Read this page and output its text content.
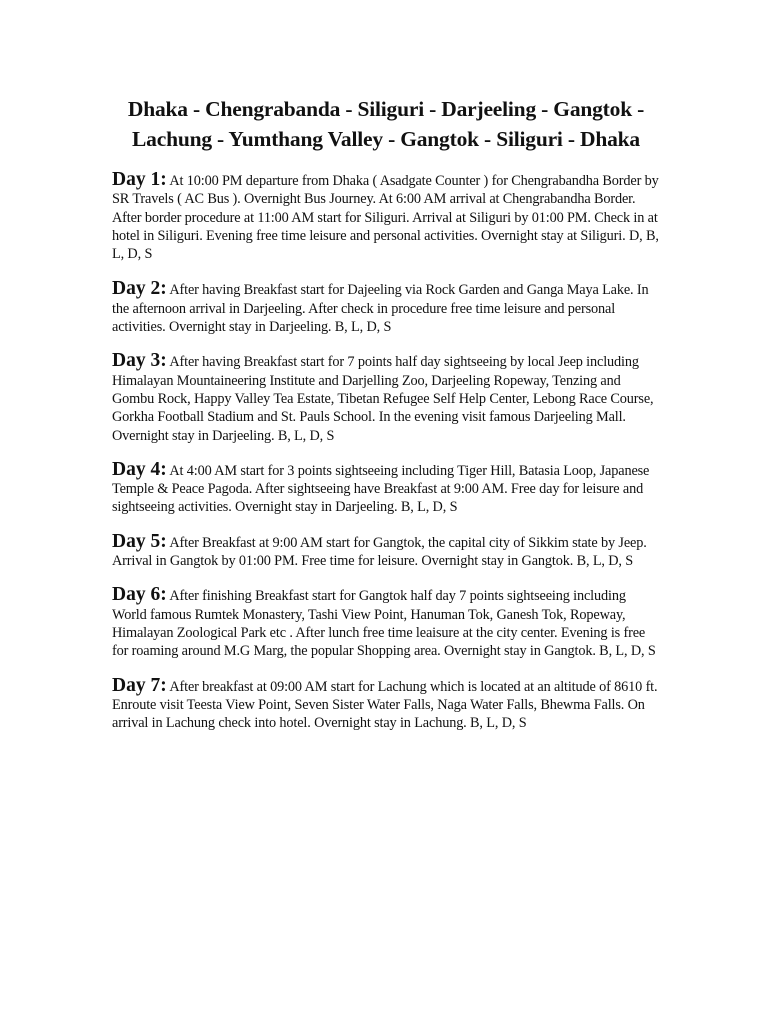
Dhaka - Chengrabanda - Siliguri - Darjeeling - Gangtok - Lachung - Yumthang Valley - Gangtok - Siliguri - Dhaka

Day 1: At 10:00 PM departure from Dhaka ( Asadgate Counter ) for Chengrabandha Border by SR Travels ( AC Bus ). Overnight Bus Journey. At 6:00 AM arrival at Chengrabandha Border. After border procedure at 11:00 AM start for Siliguri. Arrival at Siliguri by 01:00 PM. Check in at hotel in Siliguri. Evening free time leisure and personal activities. Overnight stay at Siliguri. D, B, L, D, S

Day 2: After having Breakfast start for Dajeeling via Rock Garden and Ganga Maya Lake. In the afternoon arrival in Darjeeling. After check in procedure free time leisure and personal activities. Overnight stay in Darjeeling. B, L, D, S

Day 3: After having Breakfast start for 7 points half day sightseeing by local Jeep including Himalayan Mountaineering Institute and Darjelling Zoo, Darjeeling Ropeway, Tenzing and Gombu Rock, Happy Valley Tea Estate, Tibetan Refugee Self Help Center, Lebong Race Course, Gorkha Football Stadium and St. Pauls School. In the evening visit famous Darjeeling Mall. Overnight stay in Darjeeling. B, L, D, S

Day 4: At 4:00 AM start for 3 points sightseeing including Tiger Hill, Batasia Loop, Japanese Temple & Peace Pagoda. After sightseeing have Breakfast at 9:00 AM. Free day for leisure and sightseeing activities. Overnight stay in Darjeeling. B, L, D, S

Day 5: After Breakfast at 9:00 AM start for Gangtok, the capital city of Sikkim state by Jeep. Arrival in Gangtok by 01:00 PM. Free time for leisure. Overnight stay in Gangtok. B, L, D, S

Day 6: After finishing Breakfast start for Gangtok half day 7 points sightseeing including World famous Rumtek Monastery, Tashi View Point, Hanuman Tok, Ganesh Tok, Ropeway, Himalayan Zoological Park etc . After lunch free time leaisure at the city center. Evening is free for roaming around M.G Marg, the popular Shopping area. Overnight stay in Gangtok. B, L, D, S

Day 7: After breakfast at 09:00 AM start for Lachung which is located at an altitude of 8610 ft. Enroute visit Teesta View Point, Seven Sister Water Falls, Naga Water Falls, Bhewma Falls. On arrival in Lachung check into hotel. Overnight stay in Lachung. B, L, D, S
